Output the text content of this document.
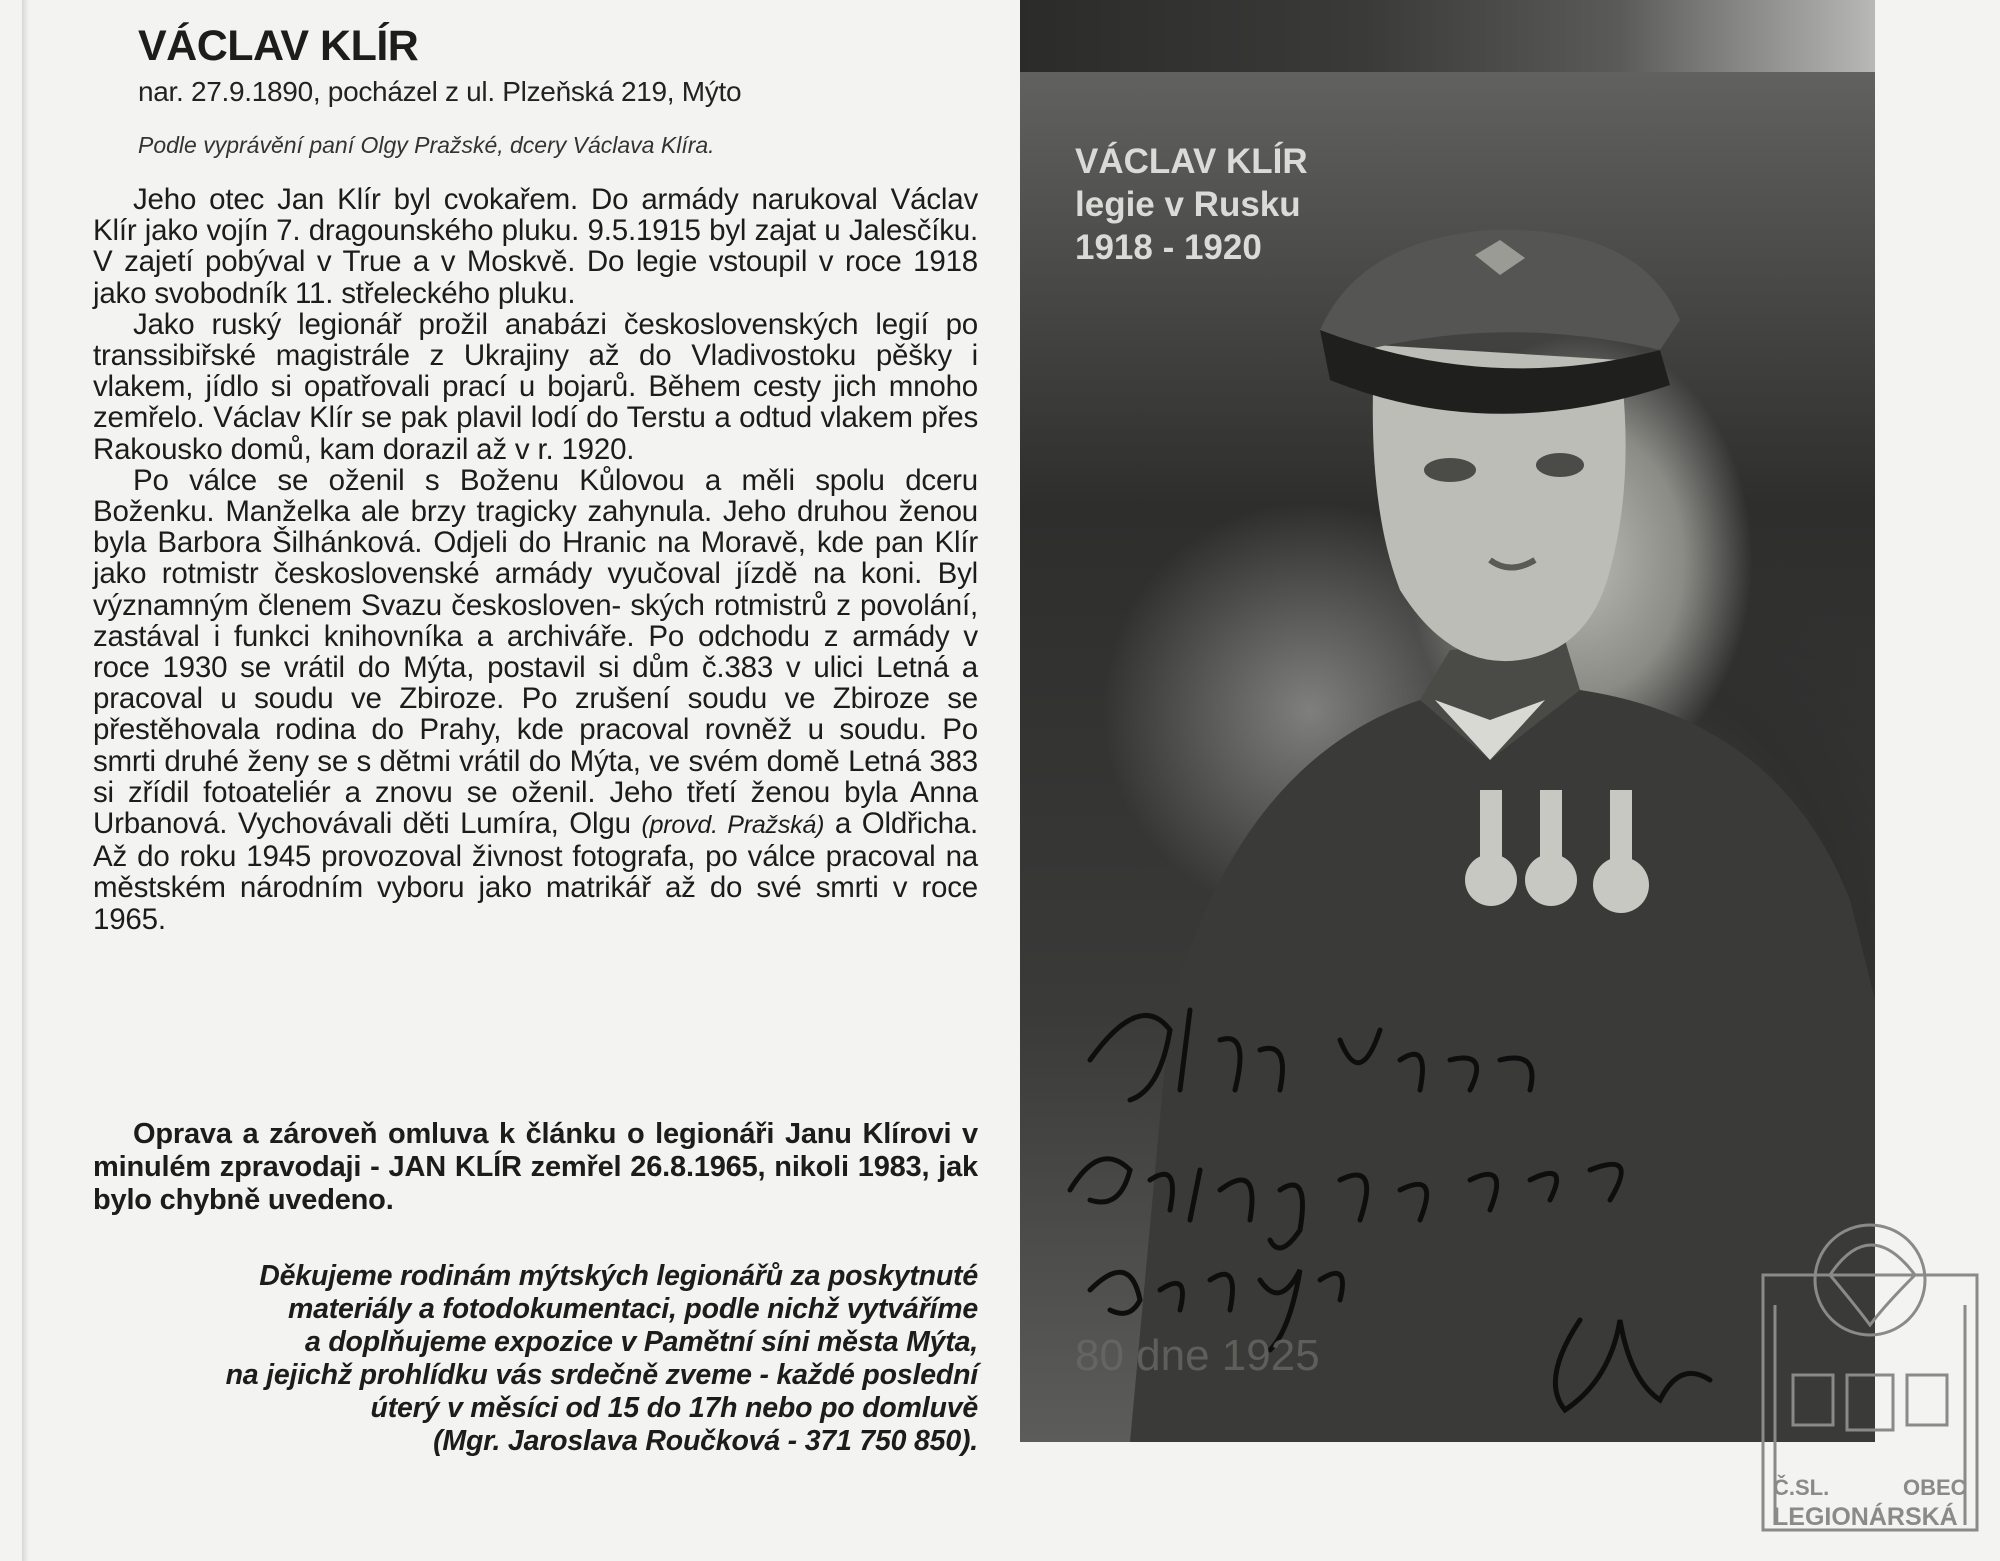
VÁCLAV KLÍR
nar. 27.9.1890, pocházel z ul. Plzeňská 219, Mýto
Podle vyprávění paní Olgy Pražské, dcery Václava Klíra.

Jeho otec Jan Klír byl cvokařem. Do armády narukoval Václav Klír jako vojín 7. dragounského pluku. 9.5.1915 byl zajat u Jalesčíku. V zajetí pobýval v True a v Moskvě. Do legie vstoupil v roce 1918 jako svobodník 11. střeleckého pluku.

Jako ruský legionář prožil anabázi československých legií po transsibiřské magistrále z Ukrajiny až do Vladivostoku pěšky i vlakem, jídlo si opatřovali prací u bojarů. Během cesty jich mnoho zemřelo. Václav Klír se pak plavil lodí do Terstu a odtud vlakem přes Rakousko domů, kam dorazil až v r. 1920.

Po válce se oženil s Boženu Kůlovou a měli spolu dceru Boženku. Manželka ale brzy tragicky zahynula. Jeho druhou ženou byla Barbora Šilhánková. Odjeli do Hranic na Moravě, kde pan Klír jako rotmistr československé armády vyučoval jízdě na koni. Byl významným členem Svazu českosloven- ských rotmistrů z povolání, zastával i funkci knihovníka a archiváře. Po odchodu z armády v roce 1930 se vrátil do Mýta, postavil si dům č.383 v ulici Letná a pracoval u soudu ve Zbiroze. Po zrušení soudu ve Zbiroze se přestěhovala rodina do Prahy, kde pracoval rovněž u soudu. Po smrti druhé ženy se s dětmi vrátil do Mýta, ve svém domě Letná 383 si zřídil fotoateliér a znovu se oženil. Jeho třetí ženou byla Anna Urbanová. Vychovávali děti Lumíra, Olgu (provd. Pražská) a Oldřicha. Až do roku 1945 provozoval živnost fotografa, po válce pracoval na městském národním vyboru jako matrikář až do své smrti v roce 1965.

Oprava a zároveň omluva k článku o legionáři Janu Klírovi v minulém zpravodaji - JAN KLÍR zemřel 26.8.1965, nikoli 1983, jak bylo chybně uvedeno.
Děkujeme rodinám mýtských legionářů za poskytnuté
materiály a fotodokumentaci, podle nichž vytváříme
a doplňujeme expozice v Pamětní síni města Mýta,
na jejichž prohlídku vás srdečně zveme - každé poslední
úterý v měsíci od 15 do 17h nebo po domluvě
(Mgr. Jaroslava Roučková - 371 750 850).
VÁCLAV KLÍR
legie v Rusku
1918 - 1920
80 dne 1925
Č.SL.	OBEC
LEGIONÁRSKÁ
